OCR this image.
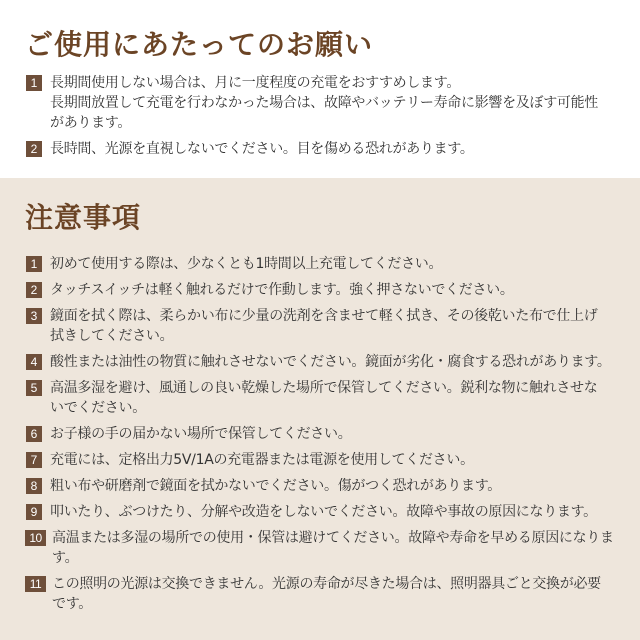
ご使用にあたってのお願い
1 長期間使用しない場合は、月に一度程度の充電をおすすめします。
長期間放置して充電を行わなかった場合は、故障やバッテリー寿命に影響を及ぼす可能性
があります。
2 長時間、光源を直視しないでください。目を傷める恐れがあります。
注意事項
1 初めて使用する際は、少なくとも1時間以上充電してください。
2 タッチスイッチは軽く触れるだけで作動します。強く押さないでください。
3 鏡面を拭く際は、柔らかい布に少量の洗剤を含ませて軽く拭き、その後乾いた布で仕上げ
拭きしてください。
4 酸性または油性の物質に触れさせないでください。鏡面が劣化・腐食する恐れがあります。
5 高温多湿を避け、風通しの良い乾燥した場所で保管してください。鋭利な物に触れさせな
いでください。
6 お子様の手の届かない場所で保管してください。
7 充電には、定格出力5V/1Aの充電器または電源を使用してください。
8 粗い布や研磨剤で鏡面を拭かないでください。傷がつく恐れがあります。
9 叩いたり、ぶつけたり、分解や改造をしないでください。故障や事故の原因になります。
10 高温または多湿の場所での使用・保管は避けてください。故障や寿命を早める原因になりま
す。
11 この照明の光源は交換できません。光源の寿命が尽きた場合は、照明器具ごと交換が必要
です。
